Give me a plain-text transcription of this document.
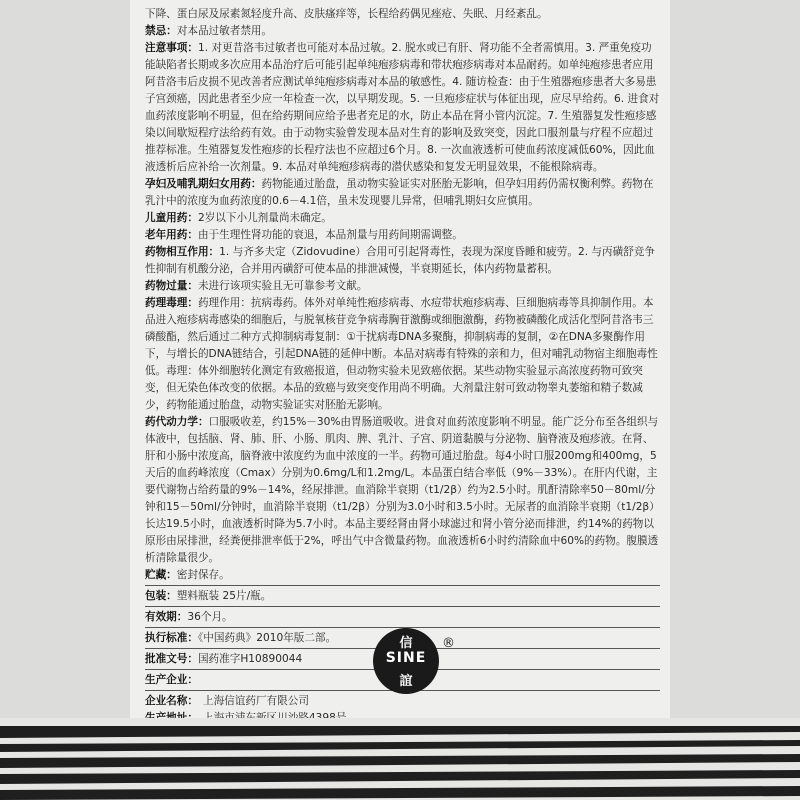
下降、蛋白尿及尿素氮轻度升高、皮肤瘙痒等，长程给药偶见痤疮、失眠、月经紊乱。

禁忌：对本品过敏者禁用。

注意事项：1. 对更昔洛韦过敏者也可能对本品过敏。2. 脱水或已有肝、肾功能不全者需慎用。3. 严重免疫功能缺陷者长期或多次应用本品治疗后可能引起单纯疱疹病毒和带状疱疹病毒对本品耐药。如单纯疱疹患者应用阿昔洛韦后皮损不见改善者应测试单纯疱疹病毒对本品的敏感性。4. 随访检查：由于生殖器疱疹患者大多易患子宫颈癌，因此患者至少应一年检查一次，以早期发现。5. 一旦疱疹症状与体征出现，应尽早给药。6. 进食对血药浓度影响不明显，但在给药期间应给予患者充足的水，防止本品在肾小管内沉淀。7. 生殖器复发性疱疹感染以间歇短程疗法给药有效。由于动物实验曾发现本品对生育的影响及致突变，因此口服剂量与疗程不应超过推荐标准。生殖器复发性疱疹的长程疗法也不应超过6个月。8. 一次血液透析可使血药浓度减低60%，因此血液透析后应补给一次剂量。9. 本品对单纯疱疹病毒的潜伏感染和复发无明显效果，不能根除病毒。

孕妇及哺乳期妇女用药：药物能通过胎盘，虽动物实验证实对胚胎无影响，但孕妇用药仍需权衡利弊。药物在乳汁中的浓度为血药浓度的0.6－4.1倍，虽未发现婴儿异常，但哺乳期妇女应慎用。

儿童用药：2岁以下小儿剂量尚未确定。

老年用药：由于生理性肾功能的衰退，本品剂量与用药间期需调整。

药物相互作用：1. 与齐多夫定（Zidovudine）合用可引起肾毒性，表现为深度昏睡和疲劳。2. 与丙磺舒竞争性抑制有机酸分泌，合并用丙磺舒可使本品的排泄减慢，半衰期延长，体内药物量蓄积。

药物过量：未进行该项实验且无可靠参考文献。

药理毒理：药理作用：抗病毒药。体外对单纯性疱疹病毒、水痘带状疱疹病毒、巨细胞病毒等具抑制作用。本品进入疱疹病毒感染的细胞后，与脱氧核苷竞争病毒胸苷激酶或细胞激酶，药物被磷酸化成活化型阿昔洛韦三磷酸酯，然后通过二种方式抑制病毒复制：①干扰病毒DNA多聚酶，抑制病毒的复制，②在DNA多聚酶作用下，与增长的DNA链结合，引起DNA链的延伸中断。本品对病毒有特殊的亲和力，但对哺乳动物宿主细胞毒性低。毒理：体外细胞转化测定有致癌报道，但动物实验未见致癌依据。某些动物实验显示高浓度药物可致突变，但无染色体改变的依据。本品的致癌与致突变作用尚不明确。大剂量注射可致动物睾丸萎缩和精子数减少，药物能通过胎盘，动物实验证实对胚胎无影响。

药代动力学：口服吸收差，约15%－30%由胃肠道吸收。进食对血药浓度影响不明显。能广泛分布至各组织与体液中，包括脑、肾、肺、肝、小肠、肌肉、脾、乳汁、子宫、阴道黏膜与分泌物、脑脊液及疱疹液。在肾、肝和小肠中浓度高，脑脊液中浓度约为血中浓度的一半。药物可通过胎盘。每4小时口服200mg和400mg，5天后的血药峰浓度（Cmax）分别为0.6mg/L和1.2mg/L。本品蛋白结合率低（9%－33%）。在肝内代谢，主要代谢物占给药量的9%－14%，经尿排泄。血消除半衰期（t1/2β）约为2.5小时。肌酐清除率50－80ml/分钟和15－50ml/分钟时，血消除半衰期（t1/2β）分别为3.0小时和3.5小时。无尿者的血消除半衰期（t1/2β）长达19.5小时，血液透析时降为5.7小时。本品主要经肾由肾小球滤过和肾小管分泌而排泄，约14%的药物以原形由尿排泄，经粪便排泄率低于2%，呼出气中含微量药物。血液透析6小时约清除血中60%的药物。腹膜透析清除量很少。

贮藏：密封保存。

包装：塑料瓶装 25片/瓶。

有效期：36个月。

执行标准：《中国药典》2010年版二部。

批准文号：国药准字H10890044

生产企业：

企业名称： 上海信谊药厂有限公司
信
SINE
誼
®
